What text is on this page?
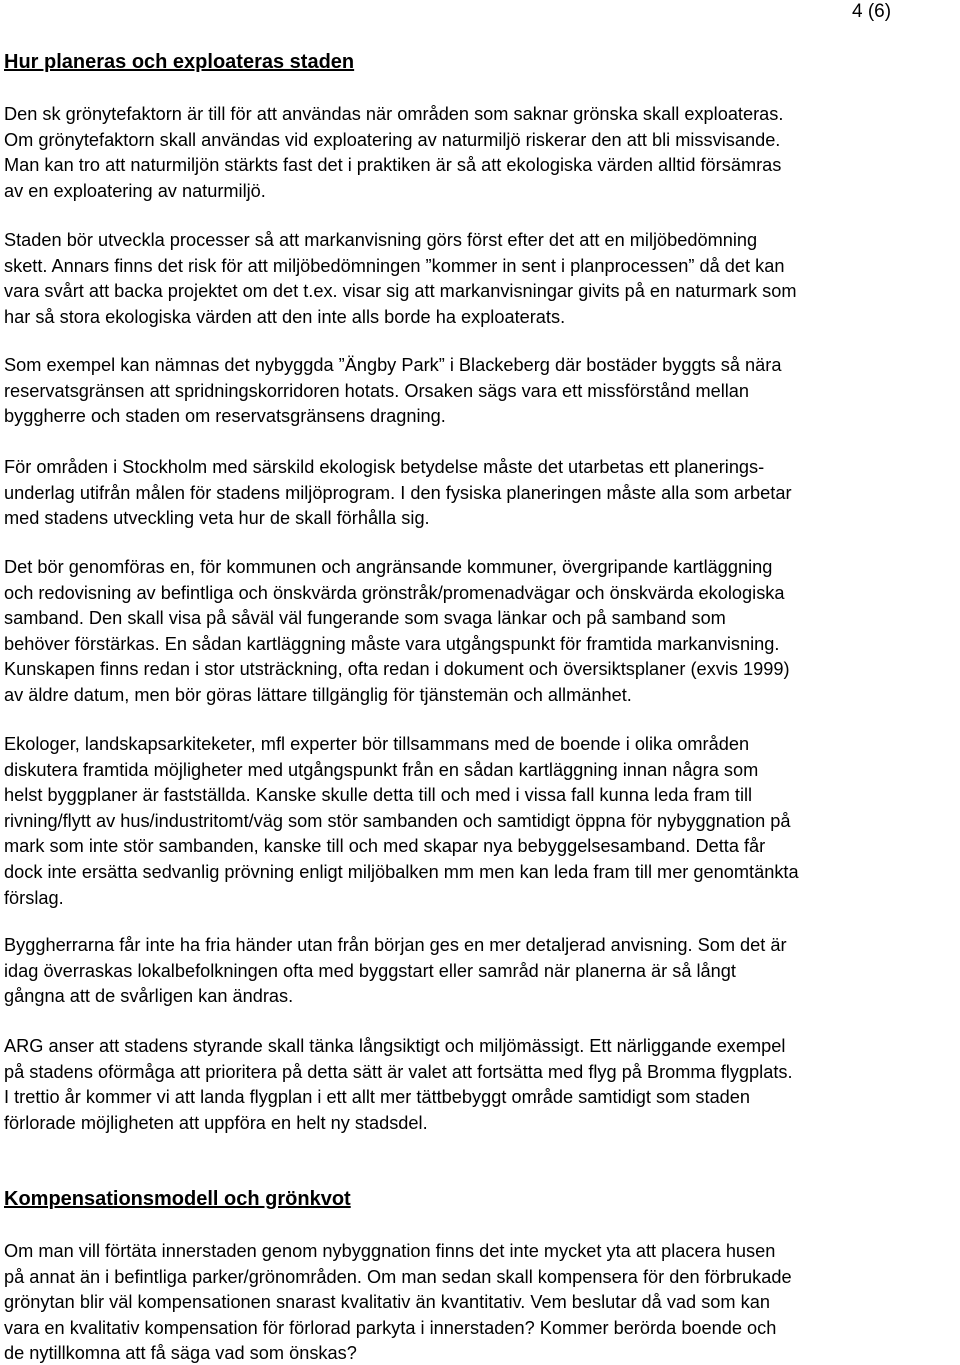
4 (6)
Hur planeras och exploateras staden
Den sk grönytefaktorn är till för att användas när områden som saknar grönska skall exploateras.
Om grönytefaktorn skall användas vid exploatering av naturmiljö riskerar den att bli missvisande.
Man kan tro att naturmiljön stärkts fast det i praktiken är så att ekologiska värden alltid försämras
av en exploatering av naturmiljö.
Staden bör utveckla processer så att markanvisning görs först efter det att en miljöbedömning
skett. Annars finns det risk för att miljöbedömningen ”kommer in sent i planprocessen” då det kan
vara svårt att backa projektet om det t.ex. visar sig att markanvisningar givits på en naturmark som
har så stora ekologiska värden att den inte alls borde ha exploaterats.
Som exempel kan nämnas det nybyggda ”Ängby Park” i Blackeberg där bostäder byggts så nära
reservatsgränsen att spridningskorridoren hotats. Orsaken sägs vara ett missförstånd mellan
byggherre och staden om reservatsgränsens dragning.
För områden i Stockholm med särskild ekologisk betydelse måste det utarbetas ett planerings-
underlag utifrån målen för stadens miljöprogram. I den fysiska planeringen måste alla som arbetar
med stadens utveckling veta hur de skall förhålla sig.
Det bör genomföras en, för kommunen och angränsande kommuner, övergripande kartläggning
och redovisning av befintliga och önskvärda grönstråk/promenadvägar och önskvärda ekologiska
samband. Den skall visa på såväl väl fungerande som svaga länkar och på samband som
behöver förstärkas. En sådan kartläggning måste vara utgångspunkt för framtida markanvisning.
Kunskapen finns redan i stor utsträckning, ofta redan i dokument och översiktsplaner (exvis 1999)
av äldre datum, men bör göras lättare tillgänglig för tjänstemän och allmänhet.
Ekologer, landskapsarkiteketer, mfl experter bör tillsammans med de boende i olika områden
diskutera framtida möjligheter med utgångspunkt från en sådan kartläggning innan några som
helst byggplaner är fastställda. Kanske skulle detta till och med i vissa fall kunna leda fram till
rivning/flytt av hus/industritomt/väg som stör sambanden och samtidigt öppna för nybyggnation på
mark som inte stör sambanden, kanske till och med skapar nya bebyggelsesamband. Detta får
dock inte ersätta sedvanlig prövning enligt miljöbalken mm men kan leda fram till mer genomtänkta
förslag.
Byggherrarna får inte ha fria händer utan från början ges en mer detaljerad anvisning. Som det är
idag överraskas lokalbefolkningen ofta med byggstart eller samråd när planerna är så långt
gångna att de svårligen kan ändras.
ARG anser att stadens styrande skall tänka långsiktigt och miljömässigt. Ett närliggande exempel
på stadens oförmåga att prioritera på detta sätt är valet att fortsätta med flyg på Bromma flygplats.
I trettio år kommer vi att landa flygplan i ett allt mer tättbebyggt område samtidigt som staden
förlorade möjligheten att uppföra en helt ny stadsdel.
Kompensationsmodell och grönkvot
Om man vill förtäta innerstaden genom nybyggnation finns det inte mycket yta att placera husen
på annat än i befintliga parker/grönområden. Om man sedan skall kompensera för den förbrukade
grönytan blir väl kompensationen snarast kvalitativ än kvantitativ. Vem beslutar då vad som kan
vara en kvalitativ kompensation för förlorad parkyta i innerstaden? Kommer berörda boende och
de nytillkomna att få säga vad som önskas?
